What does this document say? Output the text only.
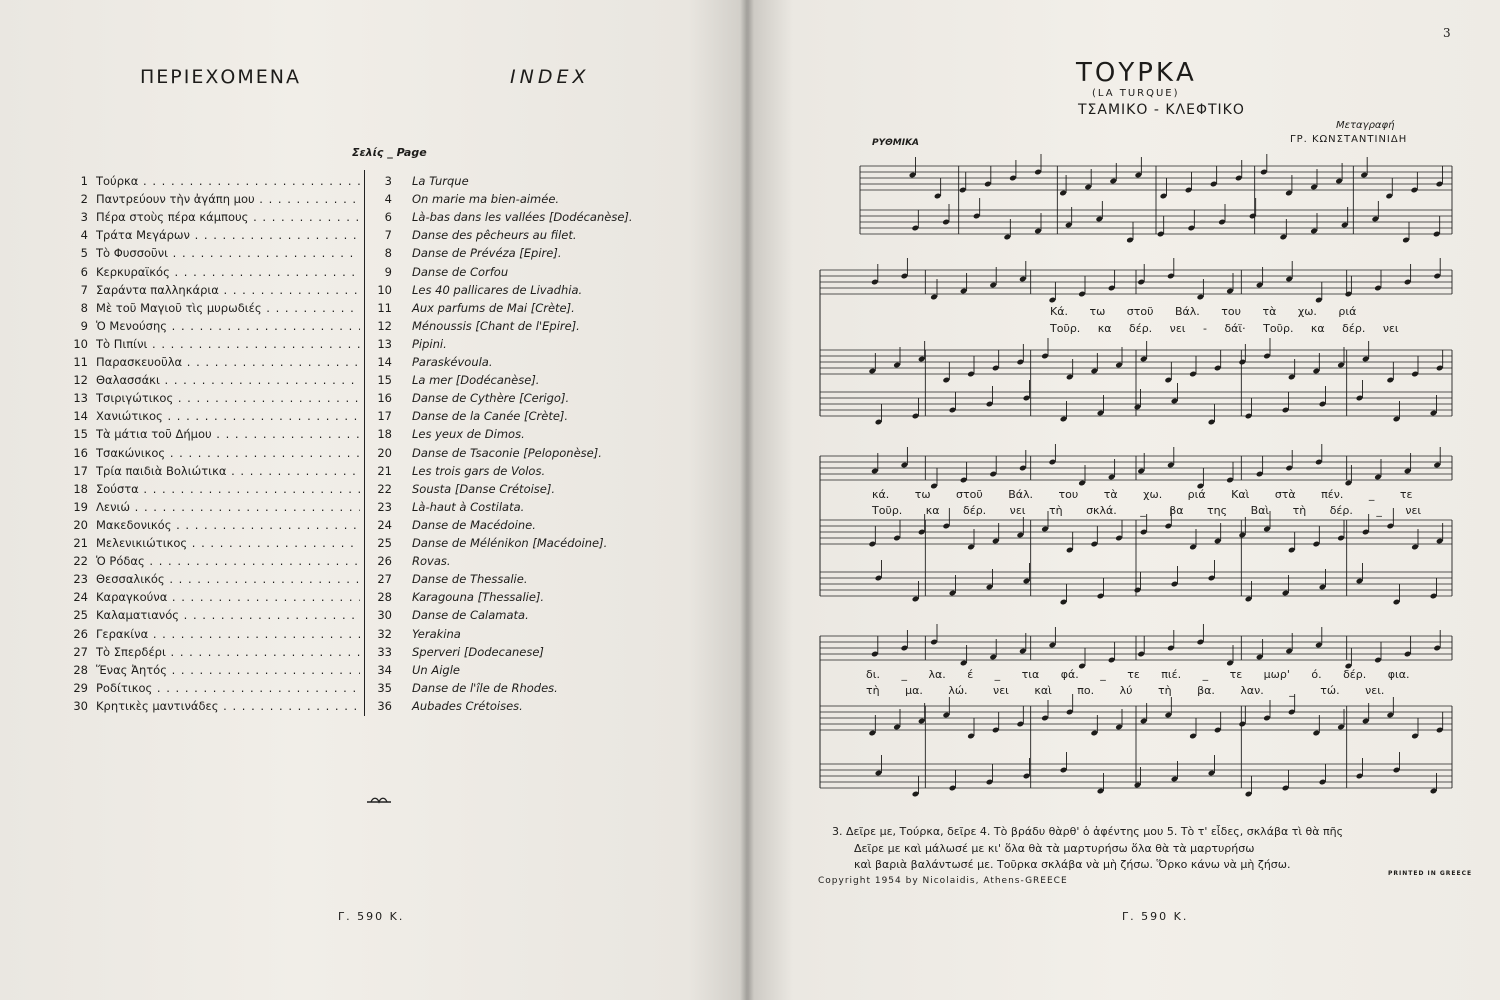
ΠΕΡΙΕΧΟΜΕΝΑ	INDEX
Σελίς _ Page
1 Τούρκα . . .	3 La Turque
2 Παντρεύουν τὴν ἀγάπη μου . . .	4 On marie ma bien-aimée.
3 Πέρα στοὺς πέρα κάμπους . . .	6 Là-bas dans les vallées [Dodécanèse].
4 Τράτα Μεγάρων . . .	7 Danse des pêcheurs au filet.
5 Τὸ Φυσσοῦνι . . .	8 Danse de Prévéza [Epire].
6 Κερκυραϊκός . . .	9 Danse de Corfou
7 Σαράντα παλληκάρια . . .	10 Les 40 pallicares de Livadhia.
8 Μὲ τοῦ Μαγιοῦ τὶς μυρωδιές . . .	11 Aux parfums de Mai [Crète].
9 Ὁ Μενούσης . . .	12 Ménoussis [Chant de l'Epire].
10 Τὸ Πιπίνι . . .	13 Pipini.
11 Παρασκευοῦλα . . .	14 Paraskévoula.
12 Θαλασσάκι . . .	15 La mer [Dodécanèse].
13 Τσιριγώτικος . . .	16 Danse de Cythère [Cerigo].
14 Χανιώτικος . . .	17 Danse de la Canée [Crète].
15 Τὰ μάτια τοῦ Δήμου . . .	18 Les yeux de Dimos.
16 Τσακώνικος . . .	20 Danse de Tsaconie [Peloponèse].
17 Τρία παιδιὰ Βολιώτικα . . .	21 Les trois gars de Volos.
18 Σούστα . . .	22 Sousta [Danse Crétoise].
19 Λενιώ . . .	23 Là-haut à Costilata.
20 Μακεδονικός . . .	24 Danse de Macédoine.
21 Μελενικιώτικος . . .	25 Danse de Mélénikon [Macédoine].
22 Ὁ Ρόδας . . .	26 Rovas.
23 Θεσσαλικός . . .	27 Danse de Thessalie.
24 Καραγκούνα . . .	28 Karagouna [Thessalie].
25 Καλαματιανός . . .	30 Danse de Calamata.
26 Γερακίνα . . .	32 Yerakina
27 Τὸ Σπερδέρι . . .	33 Sperveri [Dodecanese]
28 Ἕνας Ἀητός . . .	34 Un Aigle
29 Ροδίτικος . . .	35 Danse de l'île de Rhodes.
30 Κρητικὲς μαντινάδες . . .	36 Aubades Crétoises.
Γ. 590 Κ.
3
ΤΟΥΡΚΑ
(LA TURQUE)
ΤΣΑΜΙΚΟ - ΚΛΕΦΤΙΚΟ
Μεταγραφή
ΓΡ. ΚΩΝΣΤΑΝΤΙΝΙΔΗ
ΡΥΘΜΙΚΑ
Κά. τω στοῦ Βάλ. του τὰ χω. ριά
Τοῦρ. κα δέρ. νει - δάϊ· Τοῦρ. κα δέρ. νει
κά. τω στοῦ Βάλ. του τὰ χω. ριά Καὶ στὰ πέν. _ τε
Τοῦρ. κα δέρ. νει τὴ σκλά. _ βα της Βαὶ τὴ δέρ. _ νει
δι. _ λα. έ _ τια φά. _ τε πιέ. _ τε μωρ' ό. δέρ. φια.
τὴ μα. λώ. νει καὶ πο. λύ τὴ βα. λαν. _ τώ. νει.
3. Δεῖρε με, Τούρκα, δεῖρε 4. Τὸ βράδυ θὰρθ' ὁ ἀφέντης μου 5. Τὸ τ' εἶδες, σκλάβα τὶ θὰ πῆς
Δεῖρε με καὶ μάλωσέ με κι' ὅλα θὰ τὰ μαρτυρήσω ὅλα θὰ τὰ μαρτυρήσω
καὶ βαριὰ βαλάντωσέ με. Τοῦρκα σκλάβα νὰ μὴ ζήσω. Ὅρκο κάνω νὰ μὴ ζήσω.
Copyright 1954 by Nicolaidis, Athens-GREECE
PRINTED IN GREECE
Γ. 590 Κ.
